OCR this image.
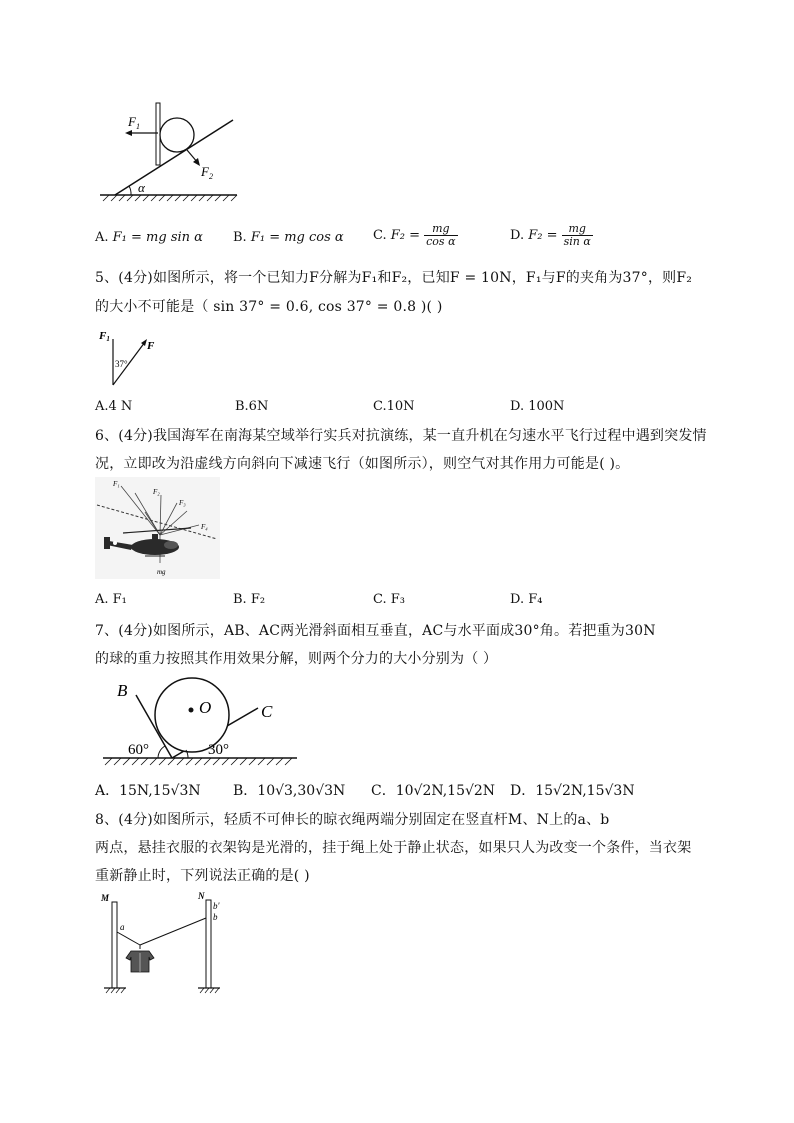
$F_1$
$F_2$
α
A. F₁ = mg sin α B. F₁ = mg cos α C. $F_2 = \frac{mg}{\text{cos α}}$	D. $F_2 = \frac{mg}{\text{sin α}}$
5、(4分)如图所示，将一个已知力F分解为F₁和F₂，已知F = 10N，F₁与F的夹角为37°，则F₂
的大小不可能是（ sin 37° = 0.6, cos 37° = 0.8 )( )
F1
F
37°
A.4 N	B.6N	C.10N	D. 100N
6、(4分)我国海军在南海某空域举行实兵对抗演练，某一直升机在匀速水平飞行过程中遇到突发情
况，立即改为沿虚线方向斜向下减速飞行（如图所示），则空气对其作用力可能是( )。
F₁
F₂
F₃
F₄
mg
A. F₁	B. F₂	C. F₃	D. F₄
7、(4分)如图所示，AB、AC两光滑斜面相互垂直，AC与水平面成30°角。若把重为30N
的球的重力按照其作用效果分解，则两个分力的大小分别为（ ）
B
O	C
60°	30°
A．15N,15√3N B．10√3,30√3N C．10√2N,15√2N D．15√2N,15√3N
8、(4分)如图所示，轻质不可伸长的晾衣绳两端分别固定在竖直杆M、N上的a、b
两点，悬挂衣服的衣架钩是光滑的，挂于绳上处于静止状态，如果只人为改变一个条件，当衣架
重新静止时，下列说法正确的是( )
M	N
a
b'
b
